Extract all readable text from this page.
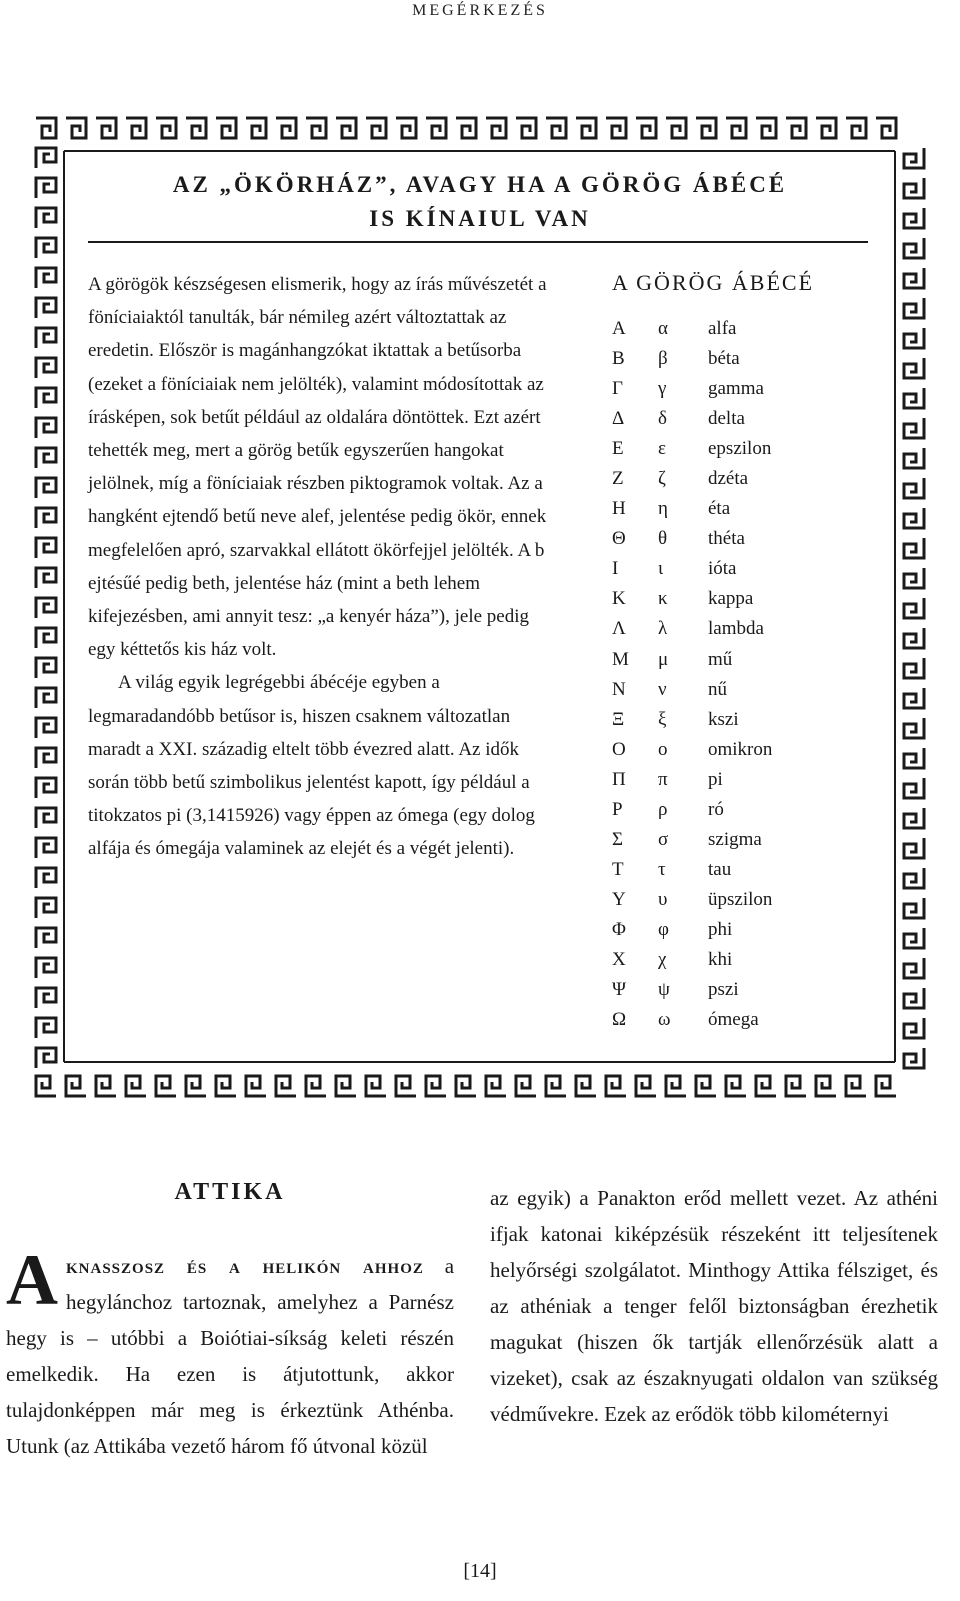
MEGÉRKEZÉS
AZ „ÖKÖRHÁZ”, AVAGY HA A GÖRÖG ÁBÉCÉ
IS KÍNAIUL VAN

A görögök készségesen elismerik, hogy az írás művészetét a föníciaiaktól tanulták, bár némileg azért változtattak az eredetin. Először is magánhangzókat iktattak a betűsorba (ezeket a föníciaiak nem jelölték), valamint módosítottak az írásképen, sok betűt például az oldalára döntöttek. Ezt azért tehették meg, mert a görög betűk egyszerűen hangokat jelölnek, míg a föníciaiak részben piktogramok voltak. Az a hangként ejtendő betű neve alef, jelentése pedig ökör, ennek megfelelően apró, szarvakkal ellátott ökörfejjel jelölték. A b ejtésűé pedig beth, jelentése ház (mint a beth lehem kifejezésben, ami annyit tesz: „a kenyér háza”), jele pedig egy kéttetős kis ház volt.

A világ egyik legrégebbi ábécéje egyben a legmaradandóbb betűsor is, hiszen csaknem változatlan maradt a XXI. századig eltelt több évezred alatt. Az idők során több betű szimbolikus jelentést kapott, így például a titokzatos pi (3,1415926) vagy éppen az ómega (egy dolog alfája és ómegája valaminek az elejét és a végét jelenti).

A GÖRÖG ÁBÉCÉ
Α	α	alfa
Β	β	béta
Γ	γ	gamma
Δ	δ	delta
Ε	ε	epszilon
Ζ	ζ	dzéta
Η	η	éta
Θ	θ	théta
Ι	ι	ióta
Κ	κ	kappa
Λ	λ	lambda
Μ	μ	mű
Ν	ν	nű
Ξ	ξ	kszi
Ο	ο	omikron
Π	π	pi
Ρ	ρ	ró
Σ	σ	szigma
Τ	τ	tau
Υ	υ	üpszilon
Φ	φ	phi
Χ	χ	khi
Ψ	ψ	pszi
Ω	ω	ómega
ATTIKA

A knasszosz és a helikón ahhoz a hegylánchoz tartoznak, amelyhez a Parnész hegy is – utóbbi a Boiótiai-síkság keleti részén emelkedik. Ha ezen is átjutottunk, akkor tulajdonképpen már meg is érkeztünk Athénba. Utunk (az Attikába vezető három fő útvonal közül

az egyik) a Panakton erőd mellett vezet. Az athéni ifjak katonai kiképzésük részeként itt teljesítenek helyőrségi szolgálatot. Minthogy Attika félsziget, és az athéniak a tenger felől biztonságban érezhetik magukat (hiszen ők tartják ellenőrzésük alatt a vizeket), csak az északnyugati oldalon van szükség védművekre. Ezek az erődök több kilométernyi

[14]
